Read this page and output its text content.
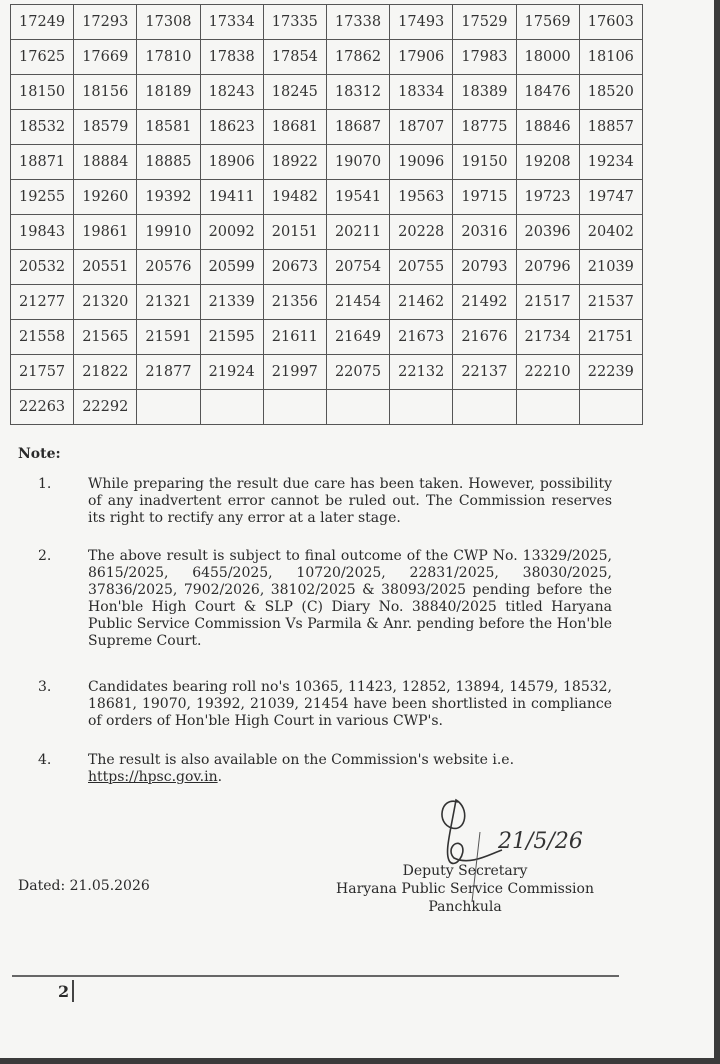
17249	17293	17308	17334	17335	17338	17493	17529	17569	17603
17625	17669	17810	17838	17854	17862	17906	17983	18000	18106
18150	18156	18189	18243	18245	18312	18334	18389	18476	18520
18532	18579	18581	18623	18681	18687	18707	18775	18846	18857
18871	18884	18885	18906	18922	19070	19096	19150	19208	19234
19255	19260	19392	19411	19482	19541	19563	19715	19723	19747
19843	19861	19910	20092	20151	20211	20228	20316	20396	20402
20532	20551	20576	20599	20673	20754	20755	20793	20796	21039
21277	21320	21321	21339	21356	21454	21462	21492	21517	21537
21558	21565	21591	21595	21611	21649	21673	21676	21734	21751
21757	21822	21877	21924	21997	22075	22132	22137	22210	22239
22263	22292								
Note:
1.	While preparing the result due care has been taken. However, possibility of any inadvertent error cannot be ruled out. The Commission reserves its right to rectify any error at a later stage.
2.	The above result is subject to final outcome of the CWP No. 13329/2025, 8615/2025, 6455/2025, 10720/2025, 22831/2025, 38030/2025, 37836/2025, 7902/2026, 38102/2025 & 38093/2025 pending before the Hon'ble High Court & SLP (C) Diary No. 38840/2025 titled Haryana Public Service Commission Vs Parmila & Anr. pending before the Hon'ble Supreme Court.
3.	Candidates bearing roll no's 10365, 11423, 12852, 13894, 14579, 18532, 18681, 19070, 19392, 21039, 21454 have been shortlisted in compliance of orders of Hon'ble High Court in various CWP's.
4.	The result is also available on the Commission's website i.e.
https://hpsc.gov.in.
21/5/26
Dated: 21.05.2026
Deputy Secretary
Haryana Public Service Commission
Panchkula
2
